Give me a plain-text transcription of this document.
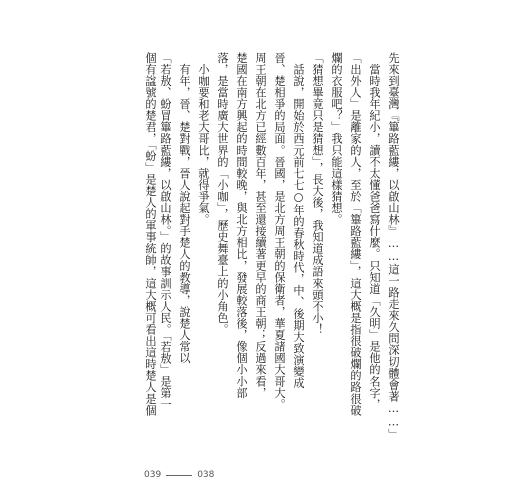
先來到臺灣『篳路藍縷，以啟山林』……這一路走來久問深切體會著……」
　當時我年紀小，讀不太懂爸爸寫什麼。只知道「久明」是他的名字，
「出外人」是離家的人，至於「篳路藍縷」，這大概是指很破爛的路很破
爛的衣服吧？」我只能這樣猜想。
「猜想畢竟只是猜想」，長大後，我知道成語來頭不小！
　話說，開始於西元前七七○年的春秋時代，中、後期大致演變成
晉、楚相爭的局面。晉國，是北方周王朝的保衛者，華夏諸國大哥大。
周王朝在北方已經數百年，甚至還接續著更早的商王朝；反過來看，
楚國在南方興起的時間較晚，與北方相比，發展較落後，像個小小部
落，是當時廣大世界的「小咖」，歷史舞臺上的小角色。
　小咖要和老大哥比，就得爭氣。
　有年，晉、楚對戰，晉人說起對手楚人的教導，說楚人常以
「若敖、蚡冒篳路藍縷，以啟山林。」的故事訓示人民。「若敖」是第一
個有諡號的楚君，「蚡」是楚人的軍事統帥，這大概可看出這時楚人是個
039	038
